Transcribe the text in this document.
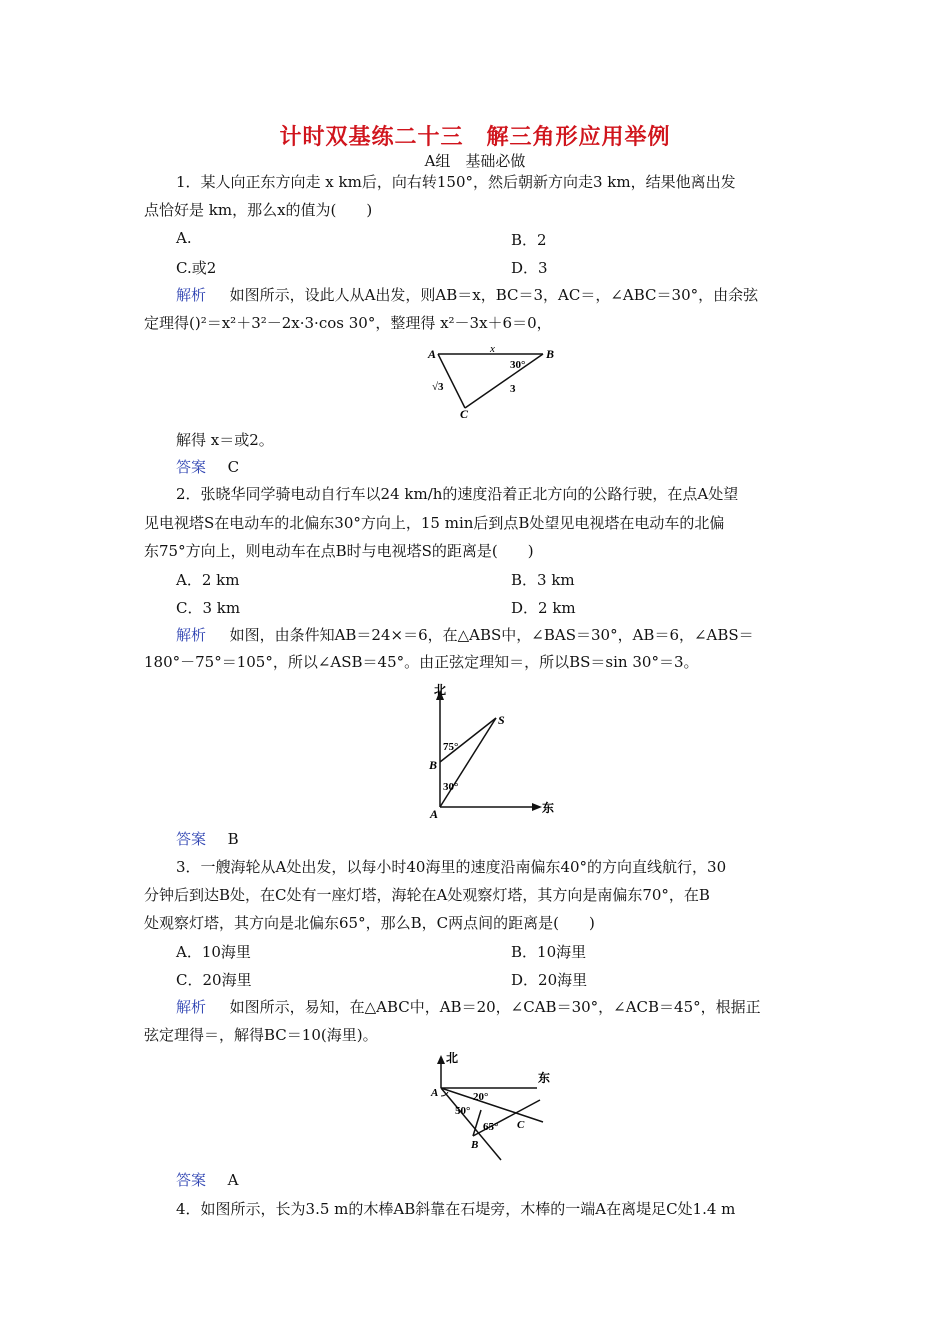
计时双基练二十三　解三角形应用举例
A组　基础必做
1．某人向正东方向走 x km后，向右转150°，然后朝新方向走3 km，结果他离出发
点恰好是 km，那么x的值为(　　)
A.	B．2
C.或2	D．3
解析 如图所示，设此人从A出发，则AB＝x，BC＝3，AC＝，∠ABC＝30°，由余弦
定理得()²＝x²＋3²－2x·3·cos 30°，整理得 x²－3x＋6＝0，
A	B
C
x
30°
√3	3
解得 x＝或2。
答案 C
2．张晓华同学骑电动自行车以24 km/h的速度沿着正北方向的公路行驶，在点A处望
见电视塔S在电动车的北偏东30°方向上，15 min后到点B处望见电视塔在电动车的北偏
东75°方向上，则电动车在点B时与电视塔S的距离是(　　)
A．2 km	B．3 km
C．3 km	D．2 km
解析 如图，由条件知AB＝24×＝6，在△ABS中，∠BAS＝30°，AB＝6，∠ABS＝
180°－75°＝105°，所以∠ASB＝45°。由正弦定理知＝，所以BS＝sin 30°＝3。
北
东
A
B
S
75°
30°
答案 B
3．一艘海轮从A处出发，以每小时40海里的速度沿南偏东40°的方向直线航行，30
分钟后到达B处，在C处有一座灯塔，海轮在A处观察灯塔，其方向是南偏东70°，在B
处观察灯塔，其方向是北偏东65°，那么B，C两点间的距离是(　　)
A．10海里	B．10海里
C．20海里	D．20海里
解析 如图所示，易知，在△ABC中，AB＝20，∠CAB＝30°，∠ACB＝45°，根据正
弦定理得＝，解得BC＝10(海里)。
北
东
A
B
C
20°
50°
65°
答案 A
4．如图所示，长为3.5 m的木棒AB斜靠在石堤旁，木棒的一端A在离堤足C处1.4 m
